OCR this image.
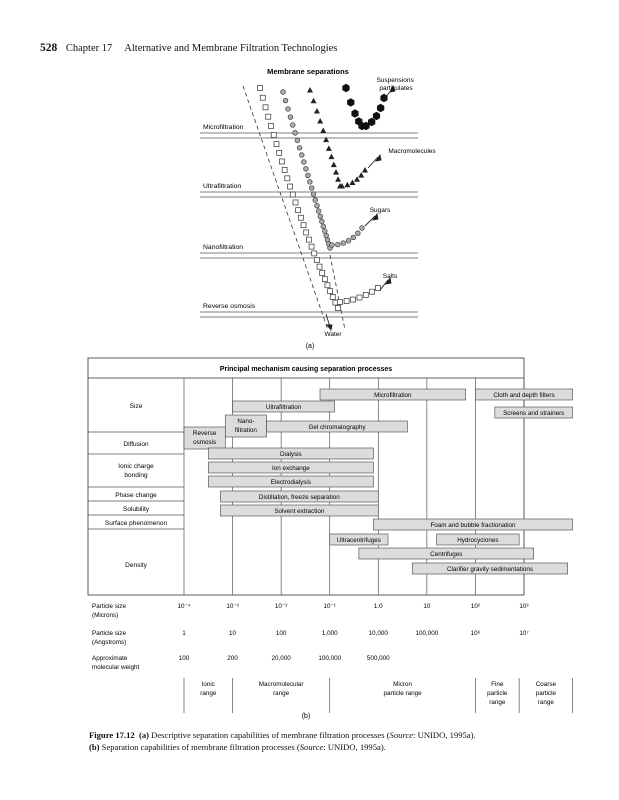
528 Chapter 17 Alternative and Membrane Filtration Technologies
Membrane separations
Microfiltration
Ultrafiltration
Nanofiltration
Reverse osmosis
Suspensions particulates
Macromolecules
Sugars
Salts
Water
(a)
Principal mechanism causing separation processes
Size
Diffusion
Ionic charge bonding
Phase change
Solubility
Surface phenomenon
Density
Microfiltration	Cloth and depth filters
Ultrafiltration
Screens and strainers
Nano-filtration	Gel chromatography
Reverse osmosis
Dialysis
Ion exchange
Electrodialysis
Distillation, freeze separation
Solvent extraction
Foam and bubble fractionation
Ultracentrifuges	Hydrocyclones
Centrifuges
Clarifier gravity sedimentations
Particle size (Microns)
10⁻⁴	10⁻³	10⁻²	10⁻¹	1.0	10	10²	10³
Particle size (Angstroms)
1	10	100	1,000	10,000	100,000	10⁶	10⁷
Approximate molecular weight
100	200	20,000	100,000	500,000
Ionic range
Macromolecular range
Micron particle range
Fine particle range
Coarse particle range
(b)
Figure 17.12 (a) Descriptive separation capabilities of membrane filtration processes (Source: UNIDO, 1995a).
(b) Separation capabilities of membrane filtration processes (Source: UNIDO, 1995a).
